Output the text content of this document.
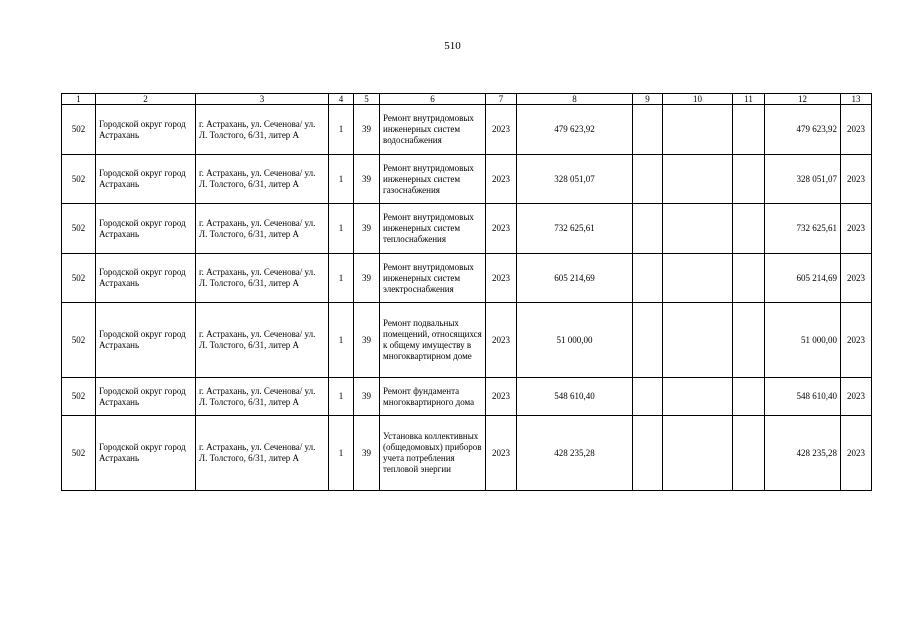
510
1	2	3	4	5	6	7	8	9	10	11	12	13
502	Городской округ город Астрахань	г. Астрахань, ул. Сеченова/ ул. Л. Толстого, 6/31, литер А	1	39	Ремонт внутридомовых инженерных систем водоснабжения	2023	479 623,92				479 623,92	2023
502	Городской округ город Астрахань	г. Астрахань, ул. Сеченова/ ул. Л. Толстого, 6/31, литер А	1	39	Ремонт внутридомовых инженерных систем газоснабжения	2023	328 051,07				328 051,07	2023
502	Городской округ город Астрахань	г. Астрахань, ул. Сеченова/ ул. Л. Толстого, 6/31, литер А	1	39	Ремонт внутридомовых инженерных систем теплоснабжения	2023	732 625,61				732 625,61	2023
502	Городской округ город Астрахань	г. Астрахань, ул. Сеченова/ ул. Л. Толстого, 6/31, литер А	1	39	Ремонт внутридомовых инженерных систем электроснабжения	2023	605 214,69				605 214,69	2023
502	Городской округ город Астрахань	г. Астрахань, ул. Сеченова/ ул. Л. Толстого, 6/31, литер А	1	39	Ремонт подвальных помещений, относящихся к общему имуществу в многоквартирном доме	2023	51 000,00				51 000,00	2023
502	Городской округ город Астрахань	г. Астрахань, ул. Сеченова/ ул. Л. Толстого, 6/31, литер А	1	39	Ремонт фундамента многоквартирного дома	2023	548 610,40				548 610,40	2023
502	Городской округ город Астрахань	г. Астрахань, ул. Сеченова/ ул. Л. Толстого, 6/31, литер А	1	39	Установка коллективных (общедомовых) приборов учета потребления тепловой энергии	2023	428 235,28				428 235,28	2023
